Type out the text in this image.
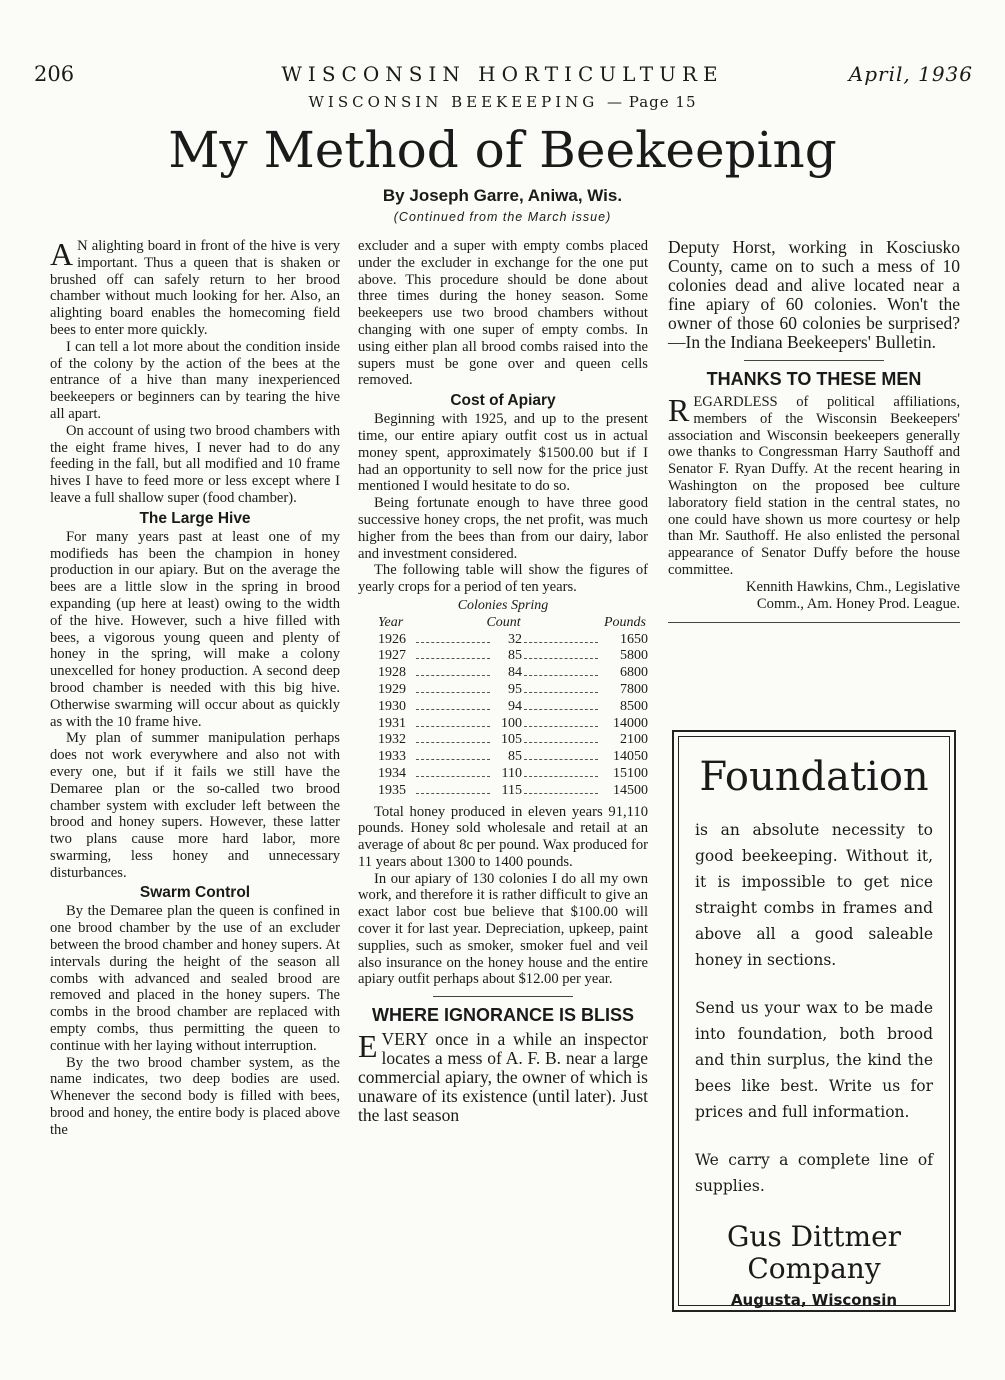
206	WISCONSIN HORTICULTURE	April, 1936
WISCONSIN BEEKEEPING — Page 15
My Method of Beekeeping
By Joseph Garre, Aniwa, Wis.
(Continued from the March issue)

A N alighting board in front of the hive is very important. Thus a queen that is shaken or brushed off can safely return to her brood chamber without much looking for her. Also, an alighting board enables the homecoming field bees to enter more quickly.

I can tell a lot more about the condition inside of the colony by the action of the bees at the entrance of a hive than many inexperienced beekeepers or beginners can by tearing the hive all apart.

On account of using two brood chambers with the eight frame hives, I never had to do any feeding in the fall, but all modified and 10 frame hives I have to feed more or less except where I leave a full shallow super (food chamber).

The Large Hive

For many years past at least one of my modifieds has been the champion in honey production in our apiary. But on the average the bees are a little slow in the spring in brood expanding (up here at least) owing to the width of the hive. However, such a hive filled with bees, a vigorous young queen and plenty of honey in the spring, will make a colony unexcelled for honey production. A second deep brood chamber is needed with this big hive. Otherwise swarming will occur about as quickly as with the 10 frame hive.

My plan of summer manipulation perhaps does not work everywhere and also not with every one, but if it fails we still have the Demaree plan or the so-called two brood chamber system with excluder left between the brood and honey supers. However, these latter two plans cause more hard labor, more swarming, less honey and unnecessary disturbances.

Swarm Control

By the Demaree plan the queen is confined in one brood chamber by the use of an excluder between the brood chamber and honey supers. At intervals during the height of the season all combs with advanced and sealed brood are removed and placed in the honey supers. The combs in the brood chamber are replaced with empty combs, thus permitting the queen to continue with her laying without interruption.

By the two brood chamber system, as the name indicates, two deep bodies are used. Whenever the second body is filled with bees, brood and honey, the entire body is placed above the

excluder and a super with empty combs placed under the excluder in exchange for the one put above. This procedure should be done about three times during the honey season. Some beekeepers use two brood chambers without changing with one super of empty combs. In using either plan all brood combs raised into the supers must be gone over and queen cells removed.

Cost of Apiary

Beginning with 1925, and up to the present time, our entire apiary outfit cost us in actual money spent, approximately $1500.00 but if I had an opportunity to sell now for the price just mentioned I would hesitate to do so.

Being fortunate enough to have three good successive honey crops, the net profit, was much higher from the bees than from our dairy, labor and investment considered.

The following table will show the figures of yearly crops for a period of ten years.

Colonies Spring
Year	Count	Pounds
1926	32	1650
1927	85	5800
1928	84	6800
1929	95	7800
1930	94	8500
1931	100	14000
1932	105	2100
1933	85	14050
1934	110	15100
1935	115	14500

Total honey produced in eleven years 91,110 pounds. Honey sold wholesale and retail at an average of about 8c per pound. Wax produced for 11 years about 1300 to 1400 pounds.

In our apiary of 130 colonies I do all my own work, and therefore it is rather difficult to give an exact labor cost bue believe that $100.00 will cover it for last year. Depreciation, upkeep, paint supplies, such as smoker, smoker fuel and veil also insurance on the honey house and the entire apiary outfit perhaps about $12.00 per year.

WHERE IGNORANCE IS BLISS

EVERY once in a while an inspector locates a mess of A. F. B. near a large commercial apiary, the owner of which is unaware of its existence (until later). Just the last season

Deputy Horst, working in Kosciusko County, came on to such a mess of 10 colonies dead and alive located near a fine apiary of 60 colonies. Won't the owner of those 60 colonies be surprised?—In the Indiana Beekeepers' Bulletin.

THANKS TO THESE MEN

REGARDLESS of political affiliations, members of the Wisconsin Beekeepers' association and Wisconsin beekeepers generally owe thanks to Congressman Harry Sauthoff and Senator F. Ryan Duffy. At the recent hearing in Washington on the proposed bee culture laboratory field station in the central states, no one could have shown us more courtesy or help than Mr. Sauthoff. He also enlisted the personal appearance of Senator Duffy before the house committee.

Kennith Hawkins, Chm., Legislative

Comm., Am. Honey Prod. League.

Foundation

is an absolute necessity to good beekeeping. Without it, it is impossible to get nice straight combs in frames and above all a good saleable honey in sections.

Send us your wax to be made into foundation, both brood and thin surplus, the kind the bees like best. Write us for prices and full information.

We carry a complete line of supplies.

Gus Dittmer Company
Augusta, Wisconsin
